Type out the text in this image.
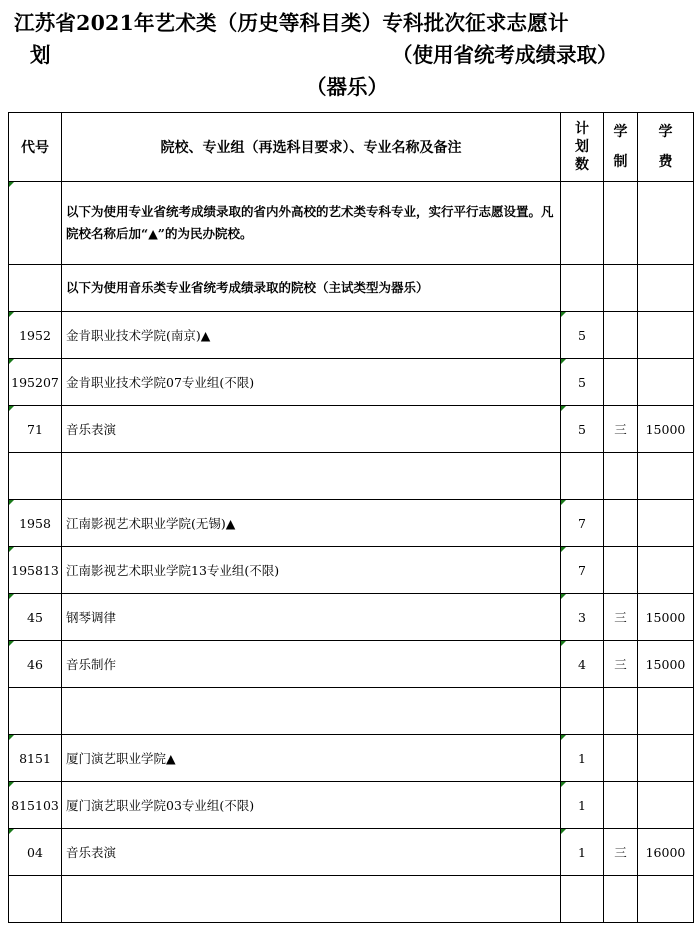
江苏省2021年艺术类（历史等科目类）专科批次征求志愿计
划	（使用省统考成绩录取）
（器乐）
代号	院校、专业组（再选科目要求）、专业名称及备注	计划数	学制	学费
	以下为使用专业省统考成绩录取的省内外高校的艺术类专科专业，实行平行志愿设置。凡院校名称后加“▲”的为民办院校。			
	以下为使用音乐类专业省统考成绩录取的院校（主试类型为器乐）			
1952	金肯职业技术学院(南京)▲	5		
195207	金肯职业技术学院07专业组(不限)	5		
71	音乐表演	5	三	15000

1958	江南影视艺术职业学院(无锡)▲	7		
195813	江南影视艺术职业学院13专业组(不限)	7		
45	钢琴调律	3	三	15000
46	音乐制作	4	三	15000

8151	厦门演艺职业学院▲	1		
815103	厦门演艺职业学院03专业组(不限)	1		
04	音乐表演	1	三	16000
